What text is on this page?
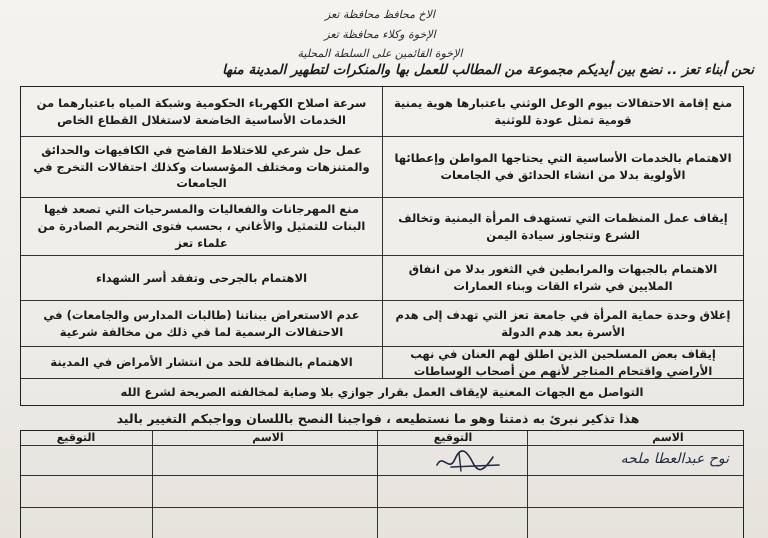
الاخ محافظ محافظة تعز
الإخوة وكلاء محافظة تعز
الإخوة القائمين على السلطة المحلية
نحن أبناء تعز .. نضع بين أيديكم مجموعة من المطالب للعمل بها والمنكرات لتطهير المدينة منها
منع إقامة الاحتفالات بيوم الوعل الوثني باعتبارها هوية يمنية قومية تمثل عودة للوثنية
سرعة اصلاح الكهرباء الحكومية وشبكة المياه باعتبارهما من الخدمات الأساسية الخاضعة لاستغلال القطاع الخاص
الاهتمام بالخدمات الأساسية التي يحتاجها المواطن وإعطائها الأولوية بدلا من انشاء الحدائق في الجامعات
عمل حل شرعي للاختلاط الفاضح في الكافيهات والحدائق والمتنزهات ومختلف المؤسسات وكذلك احتفالات التخرج في الجامعات
إيقاف عمل المنظمات التي تستهدف المرأة اليمنية وتخالف الشرع وتتجاوز سيادة اليمن
منع المهرجانات والفعاليات والمسرحيات التي تصعد فيها البنات للتمثيل والأغاني ، بحسب فتوى التحريم الصادرة من علماء تعز
الاهتمام بالجبهات والمرابطين في الثغور بدلا من انفاق الملايين في شراء القات وبناء العمارات
الاهتمام بالجرحى وتفقد أسر الشهداء
إغلاق وحدة حماية المرأة في جامعة تعز التي تهدف إلى هدم الأسرة بعد هدم الدولة
عدم الاستعراض ببناتنا (طالبات المدارس والجامعات) في الاحتفالات الرسمية لما في ذلك من مخالفة شرعية
إيقاف بعض المسلحين الذين اطلق لهم العنان في نهب الأراضي واقتحام المتاجر لأنهم من أصحاب الوساطات
الاهتمام بالنظافة للحد من انتشار الأمراض في المدينة
التواصل مع الجهات المعنية لإيقاف العمل بقرار جوازي بلا وصاية لمخالفته الصريحة لشرع الله
هذا تذكير نبرئ به ذمتنا وهو ما نستطيعه ، فواجبنا النصح باللسان وواجبكم التغيير باليد
الاسم
التوقيع
الاسم
التوقيع
نوح عبدالعطا ملحه
